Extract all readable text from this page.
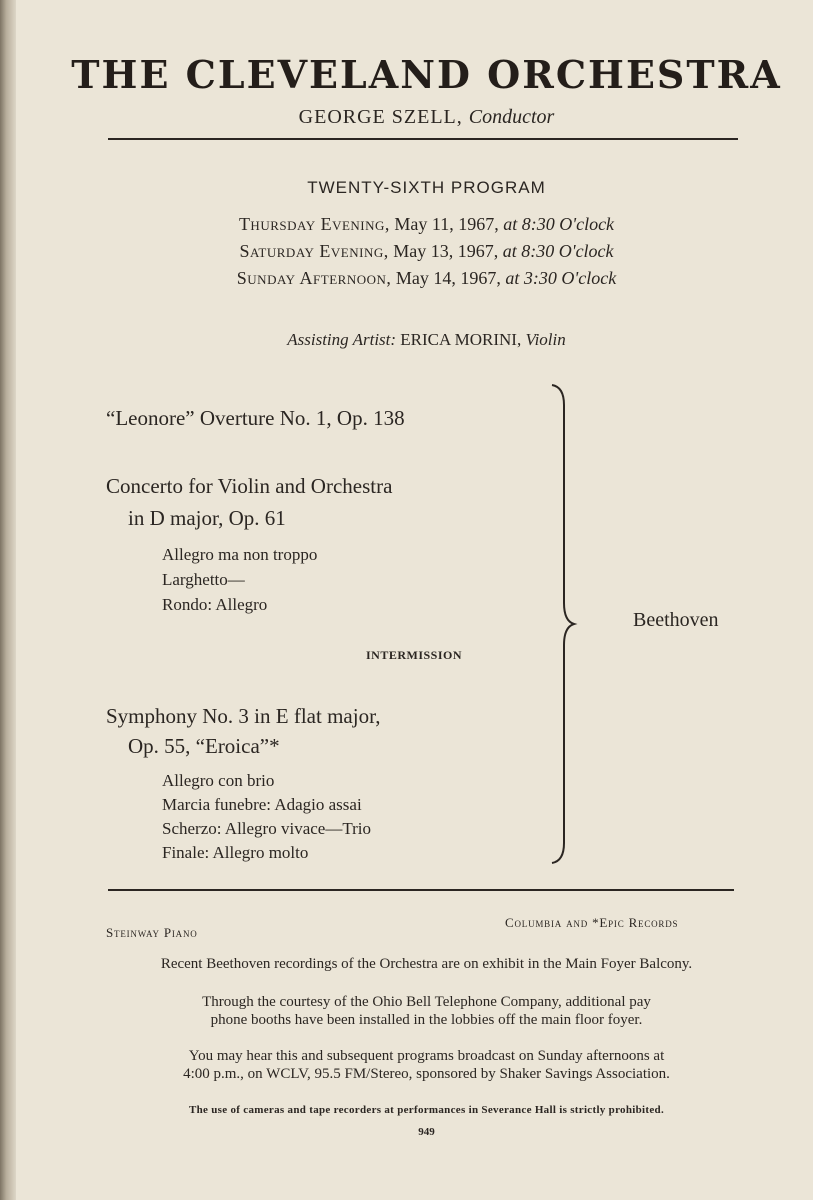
THE CLEVELAND ORCHESTRA
GEORGE SZELL, Conductor
TWENTY-SIXTH PROGRAM
Thursday Evening, May 11, 1967, at 8:30 O'clock
Saturday Evening, May 13, 1967, at 8:30 O'clock
Sunday Afternoon, May 14, 1967, at 3:30 O'clock
Assisting Artist: ERICA MORINI, Violin
“Leonore” Overture No. 1, Op. 138
Concerto for Violin and Orchestra
in D major, Op. 61
Allegro ma non troppo
Larghetto—
Rondo: Allegro
INTERMISSION
Symphony No. 3 in E flat major,
Op. 55, “Eroica”*
Allegro con brio
Marcia funebre: Adagio assai
Scherzo: Allegro vivace—Trio
Finale: Allegro molto
Beethoven
Steinway Piano
Columbia and *Epic Records
Recent Beethoven recordings of the Orchestra are on exhibit in the Main Foyer Balcony.
Through the courtesy of the Ohio Bell Telephone Company, additional pay
phone booths have been installed in the lobbies off the main floor foyer.
You may hear this and subsequent programs broadcast on Sunday afternoons at
4:00 p.m., on WCLV, 95.5 FM/Stereo, sponsored by Shaker Savings Association.
The use of cameras and tape recorders at performances in Severance Hall is strictly prohibited.
949
